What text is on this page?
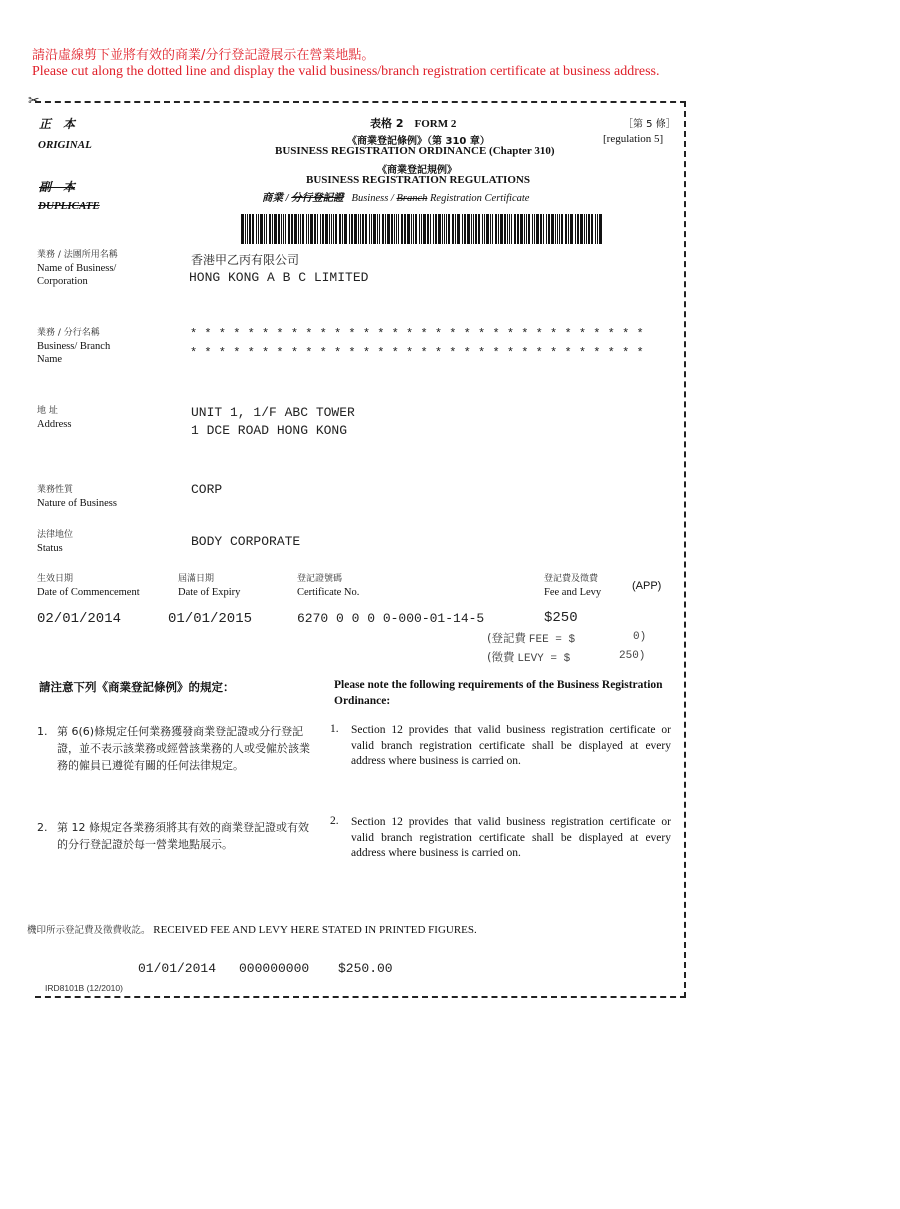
請沿虛線剪下並將有效的商業/分行登記證展示在營業地點。
Please cut along the dotted line and display the valid business/branch registration certificate at business address.
✂
正　本
ORIGINAL
副　本
DUPLICATE
表格 2 FORM 2
《商業登記條例》（第 310 章）
BUSINESS REGISTRATION ORDINANCE (Chapter 310)
《商業登記規例》
BUSINESS REGISTRATION REGULATIONS
商業 / 分行登記證 Business / Branch Registration Certificate
［第 5 條］
[regulation 5]
業務 / 法團所用名稱
Name of Business/ Corporation
香港甲乙丙有限公司
HONG KONG A B C LIMITED
業務 / 分行名稱
Business/ Branch Name
* * * * * * * * * * * * * * * * * * * * * * * * * * * * * * * *
* * * * * * * * * * * * * * * * * * * * * * * * * * * * * * * *
地 址
Address
UNIT 1, 1/F ABC TOWER
1 DCE ROAD HONG KONG
業務性質
Nature of Business
CORP
法律地位
Status	BODY CORPORATE
生效日期
Date of Commencement
02/01/2014
屆滿日期
Date of Expiry
01/01/2015
登記證號碼
Certificate No.
6270 0 0 0 0-000-01-14-5
登記費及徵費
Fee and Levy
(APP)
$250
(登記費 FEE = $	0)
(徵費 LEVY = $	250)
請注意下列《商業登記條例》的規定：	Please note the following requirements of the Business Registration Ordinance:
1. 第 6(6)條規定任何業務獲發商業登記證或分行登記證，並不表示該業務或經營該業務的人或受僱於該業務的僱員已遵從有關的任何法律規定。
1. Section 12 provides that valid business registration certificate or valid branch registration certificate shall be displayed at every address where business is carried on.
2. 第 12 條規定各業務須將其有效的商業登記證或有效的分行登記證於每一營業地點展示。
2. Section 12 provides that valid business registration certificate or valid branch registration certificate shall be displayed at every address where business is carried on.
機印所示登記費及徵費收訖。 RECEIVED FEE AND LEVY HERE STATED IN PRINTED FIGURES.
01/01/2014 000000000 $250.00
IRD8101B (12/2010)
